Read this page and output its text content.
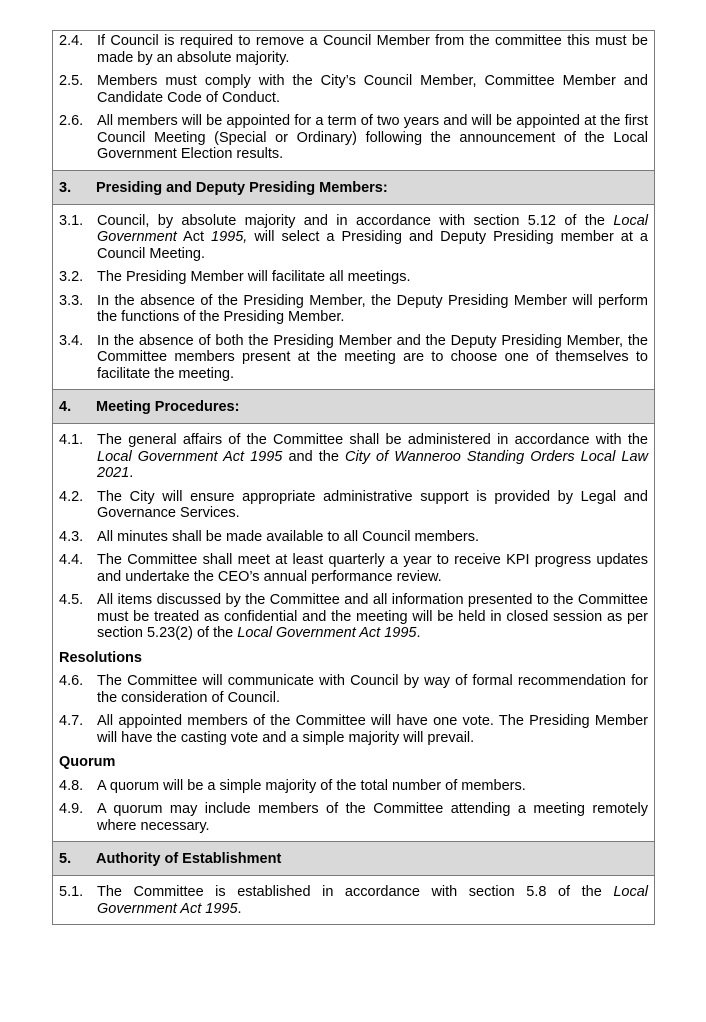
2.4. If Council is required to remove a Council Member from the committee this must be made by an absolute majority.
2.5. Members must comply with the City’s Council Member, Committee Member and Candidate Code of Conduct.
2.6. All members will be appointed for a term of two years and will be appointed at the first Council Meeting (Special or Ordinary) following the announcement of the Local Government Election results.
3. Presiding and Deputy Presiding Members:
3.1. Council, by absolute majority and in accordance with section 5.12 of the Local Government Act 1995, will select a Presiding and Deputy Presiding member at a Council Meeting.
3.2. The Presiding Member will facilitate all meetings.
3.3. In the absence of the Presiding Member, the Deputy Presiding Member will perform the functions of the Presiding Member.
3.4. In the absence of both the Presiding Member and the Deputy Presiding Member, the Committee members present at the meeting are to choose one of themselves to facilitate the meeting.
4. Meeting Procedures:
4.1. The general affairs of the Committee shall be administered in accordance with the Local Government Act 1995 and the City of Wanneroo Standing Orders Local Law 2021.
4.2. The City will ensure appropriate administrative support is provided by Legal and Governance Services.
4.3. All minutes shall be made available to all Council members.
4.4. The Committee shall meet at least quarterly a year to receive KPI progress updates and undertake the CEO’s annual performance review.
4.5. All items discussed by the Committee and all information presented to the Committee must be treated as confidential and the meeting will be held in closed session as per section 5.23(2) of the Local Government Act 1995.
Resolutions
4.6. The Committee will communicate with Council by way of formal recommendation for the consideration of Council.
4.7. All appointed members of the Committee will have one vote. The Presiding Member will have the casting vote and a simple majority will prevail.
Quorum
4.8. A quorum will be a simple majority of the total number of members.
4.9. A quorum may include members of the Committee attending a meeting remotely where necessary.
5. Authority of Establishment
5.1. The Committee is established in accordance with section 5.8 of the Local Government Act 1995.
